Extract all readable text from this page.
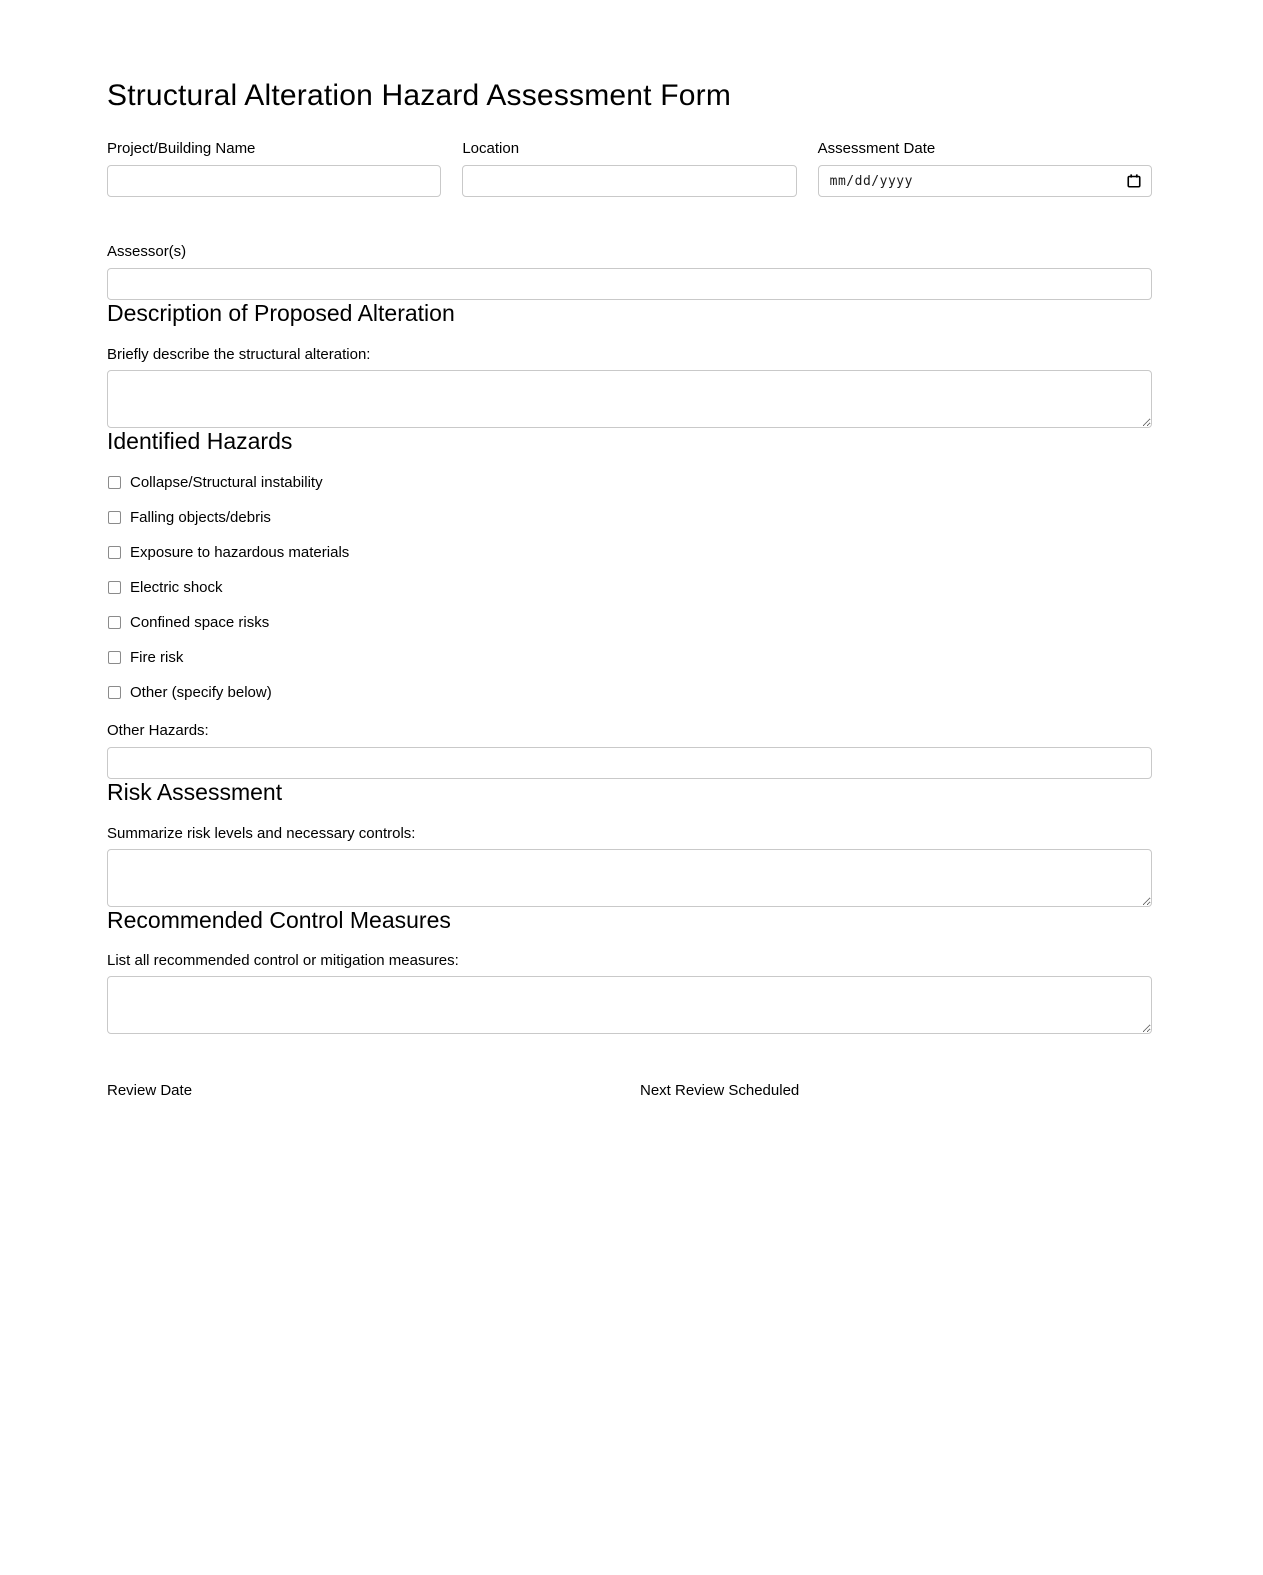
Structural Alteration Hazard Assessment Form
Project/Building Name	Location	Assessment Date
mm/dd/yyyy
Assessor(s)
Description of Proposed Alteration
Briefly describe the structural alteration:
Identified Hazards
Collapse/Structural instability
Falling objects/debris
Exposure to hazardous materials
Electric shock
Confined space risks
Fire risk
Other (specify below)
Other Hazards:
Risk Assessment
Summarize risk levels and necessary controls:
Recommended Control Measures
List all recommended control or mitigation measures:
Review Date	Next Review Scheduled
